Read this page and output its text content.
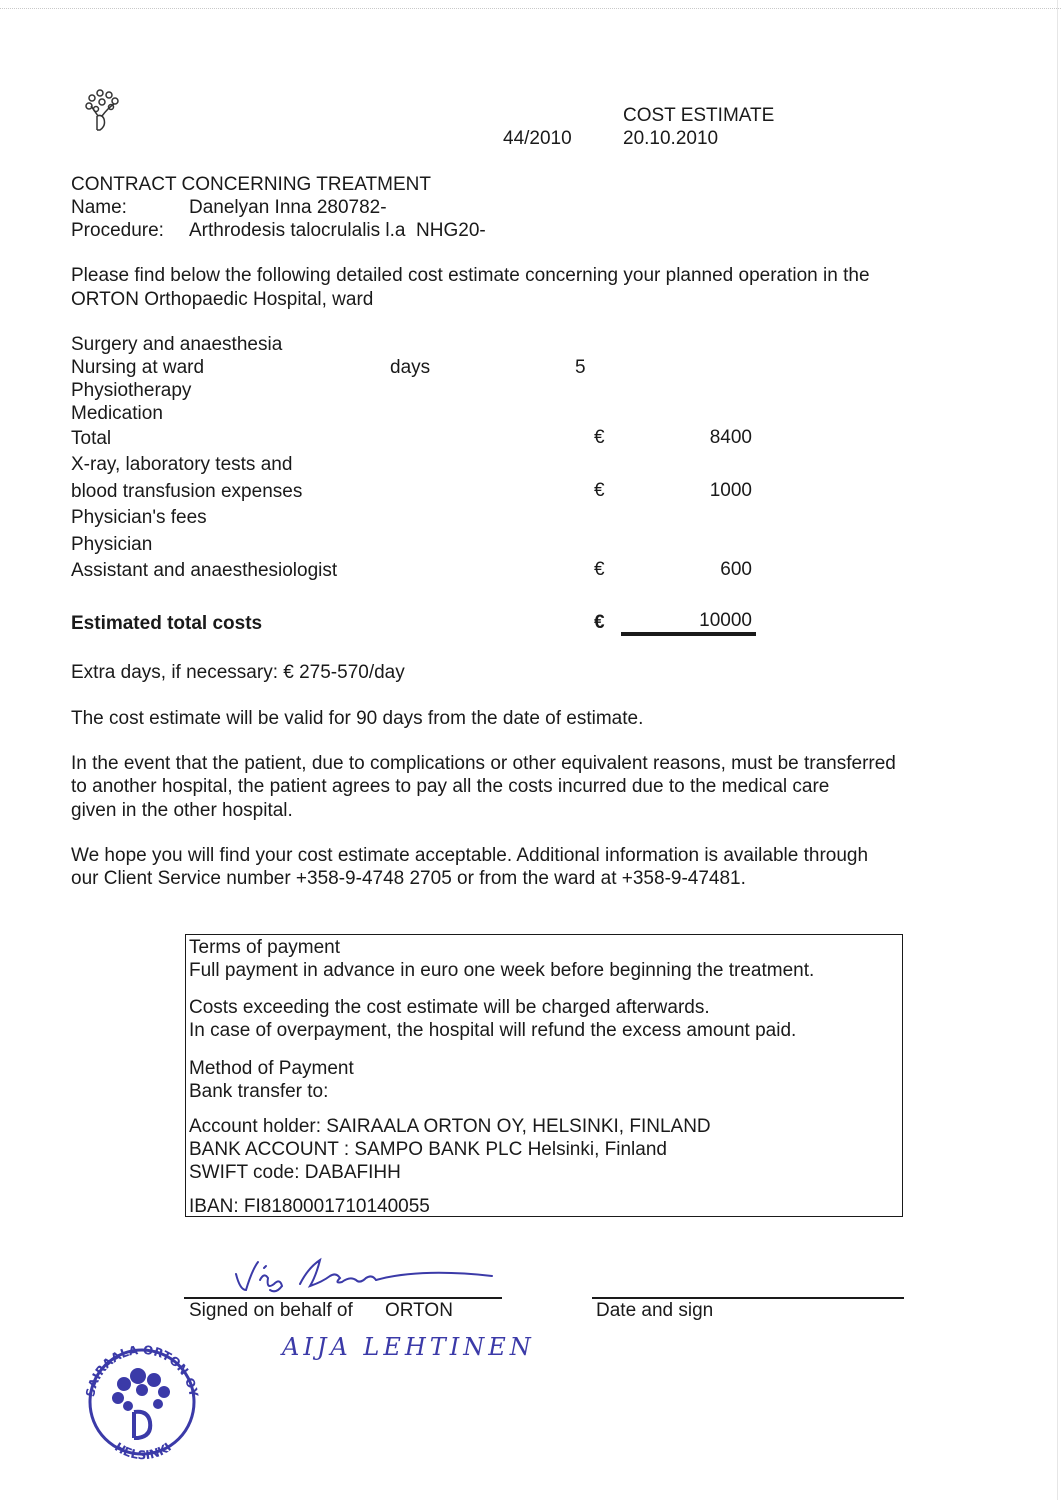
44/2010
COST ESTIMATE
20.10.2010
CONTRACT CONCERNING TREATMENT
Name:	Danelyan Inna 280782-
Procedure: Arthrodesis talocrulalis l.a  NHG20-
Please find below the following detailed cost estimate concerning your planned operation in the
ORTON Orthopaedic Hospital, ward
Surgery and anaesthesia
Nursing at ward	days	5
Physiotherapy
Medication
Total	€	8400
X-ray, laboratory tests and
blood transfusion expenses	€	1000
Physician's fees
Physician
Assistant and anaesthesiologist	€	600
Estimated total costs	€	10000
Extra days, if necessary: € 275-570/day
The cost estimate will be valid for 90 days from the date of estimate.
In the event that the patient, due to complications or other equivalent reasons, must be transferred
to another hospital, the patient agrees to pay all the costs incurred due to the medical care
given in the other hospital.
We hope you will find your cost estimate acceptable. Additional information is available through
our Client Service number +358-9-4748 2705 or from the ward at +358-9-47481.
Terms of payment
Full payment in advance in euro one week before beginning the treatment.
Costs exceeding the cost estimate will be charged afterwards.
In case of overpayment, the hospital will refund the excess amount paid.
Method of Payment
Bank transfer to:
Account holder: SAIRAALA ORTON OY, HELSINKI, FINLAND
BANK ACCOUNT : SAMPO BANK PLC Helsinki, Finland
SWIFT code: DABAFIHH
IBAN: FI8180001710140055
Signed on behalf of ORTON	Date and sign
AIJA LEHTINEN
SAIRAALA ORTON OY
HELSINKI
